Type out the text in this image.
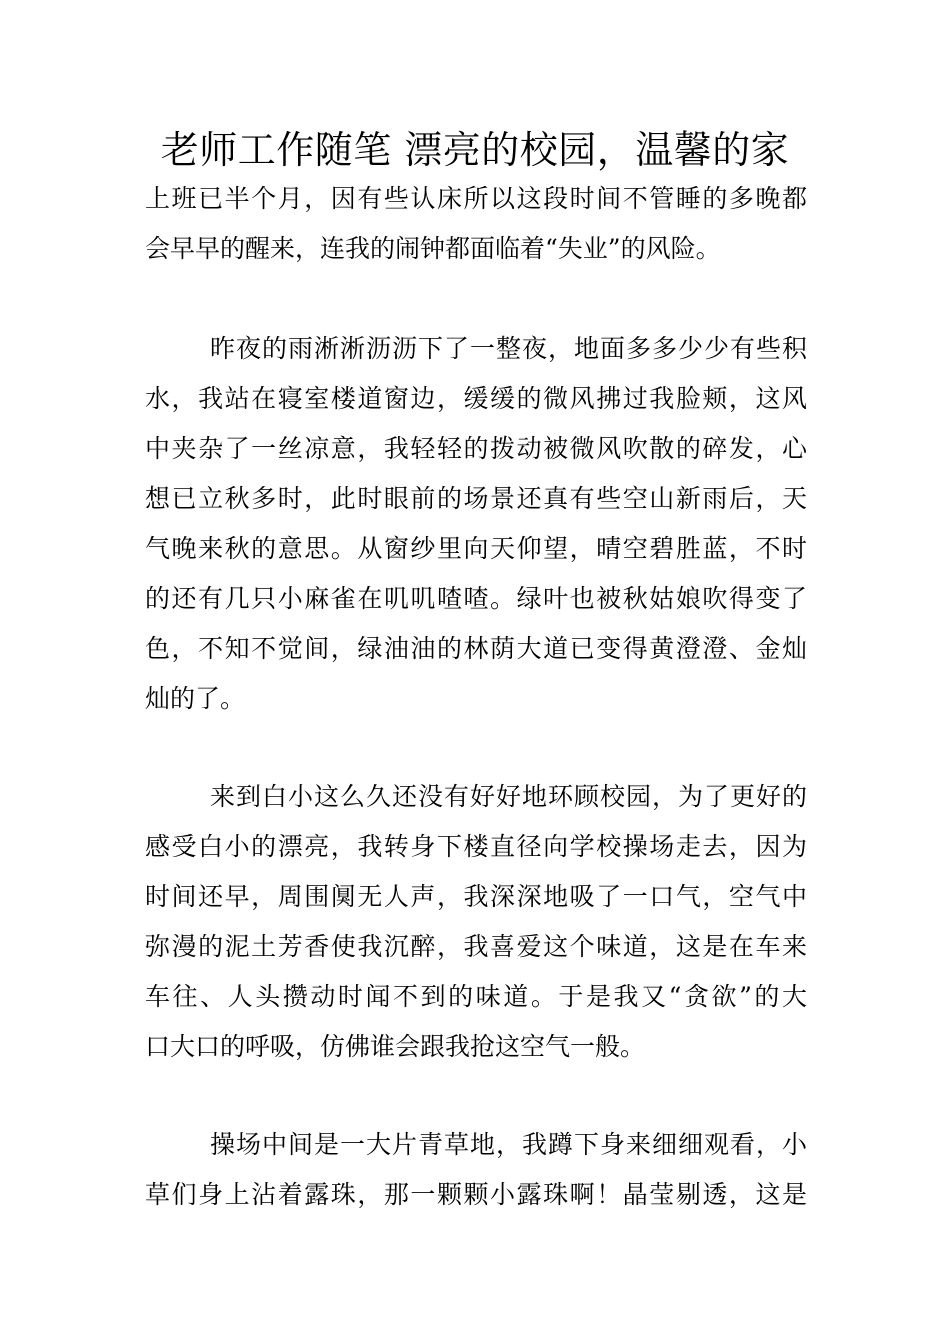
老师工作随笔 漂亮的校园，温馨的家
上班已半个月，因有些认床所以这段时间不管睡的多晚都
会早早的醒来，连我的闹钟都面临着“失业”的风险。
昨夜的雨淅淅沥沥下了一整夜，地面多多少少有些积
水，我站在寝室楼道窗边，缓缓的微风拂过我脸颊，这风
中夹杂了一丝凉意，我轻轻的拨动被微风吹散的碎发，心
想已立秋多时，此时眼前的场景还真有些空山新雨后，天
气晚来秋的意思。从窗纱里向天仰望，晴空碧胜蓝，不时
的还有几只小麻雀在叽叽喳喳。绿叶也被秋姑娘吹得变了
色，不知不觉间，绿油油的林荫大道已变得黄澄澄、金灿
灿的了。
来到白小这么久还没有好好地环顾校园，为了更好的
感受白小的漂亮，我转身下楼直径向学校操场走去，因为
时间还早，周围阒无人声，我深深地吸了一口气，空气中
弥漫的泥土芳香使我沉醉，我喜爱这个味道，这是在车来
车往、人头攒动时闻不到的味道。于是我又“贪欲”的大
口大口的呼吸，仿佛谁会跟我抢这空气一般。
操场中间是一大片青草地，我蹲下身来细细观看，小
草们身上沾着露珠，那一颗颗小露珠啊！晶莹剔透，这是
